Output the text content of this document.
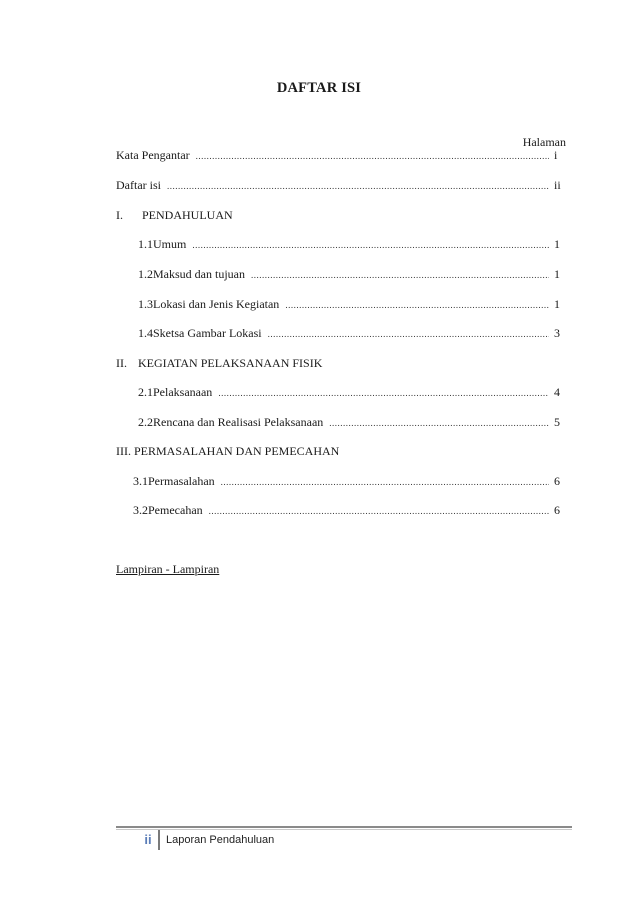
DAFTAR ISI
Halaman
Kata Pengantar .....	i
Daftar isi .....	ii
I. PENDAHULUAN
1.1 Umum .....	1
1.2 Maksud dan tujuan .....	1
1.3 Lokasi dan Jenis Kegiatan .....	1
1.4 Sketsa Gambar Lokasi .....	3
II. KEGIATAN PELAKSANAAN FISIK
2.1 Pelaksanaan .....	4
2.2 Rencana dan Realisasi Pelaksanaan .....	5
III. PERMASALAHAN DAN PEMECAHAN
3.1 Permasalahan .....	6
3.2 Pemecahan .....	6
Lampiran - Lampiran
ii	Laporan Pendahuluan
